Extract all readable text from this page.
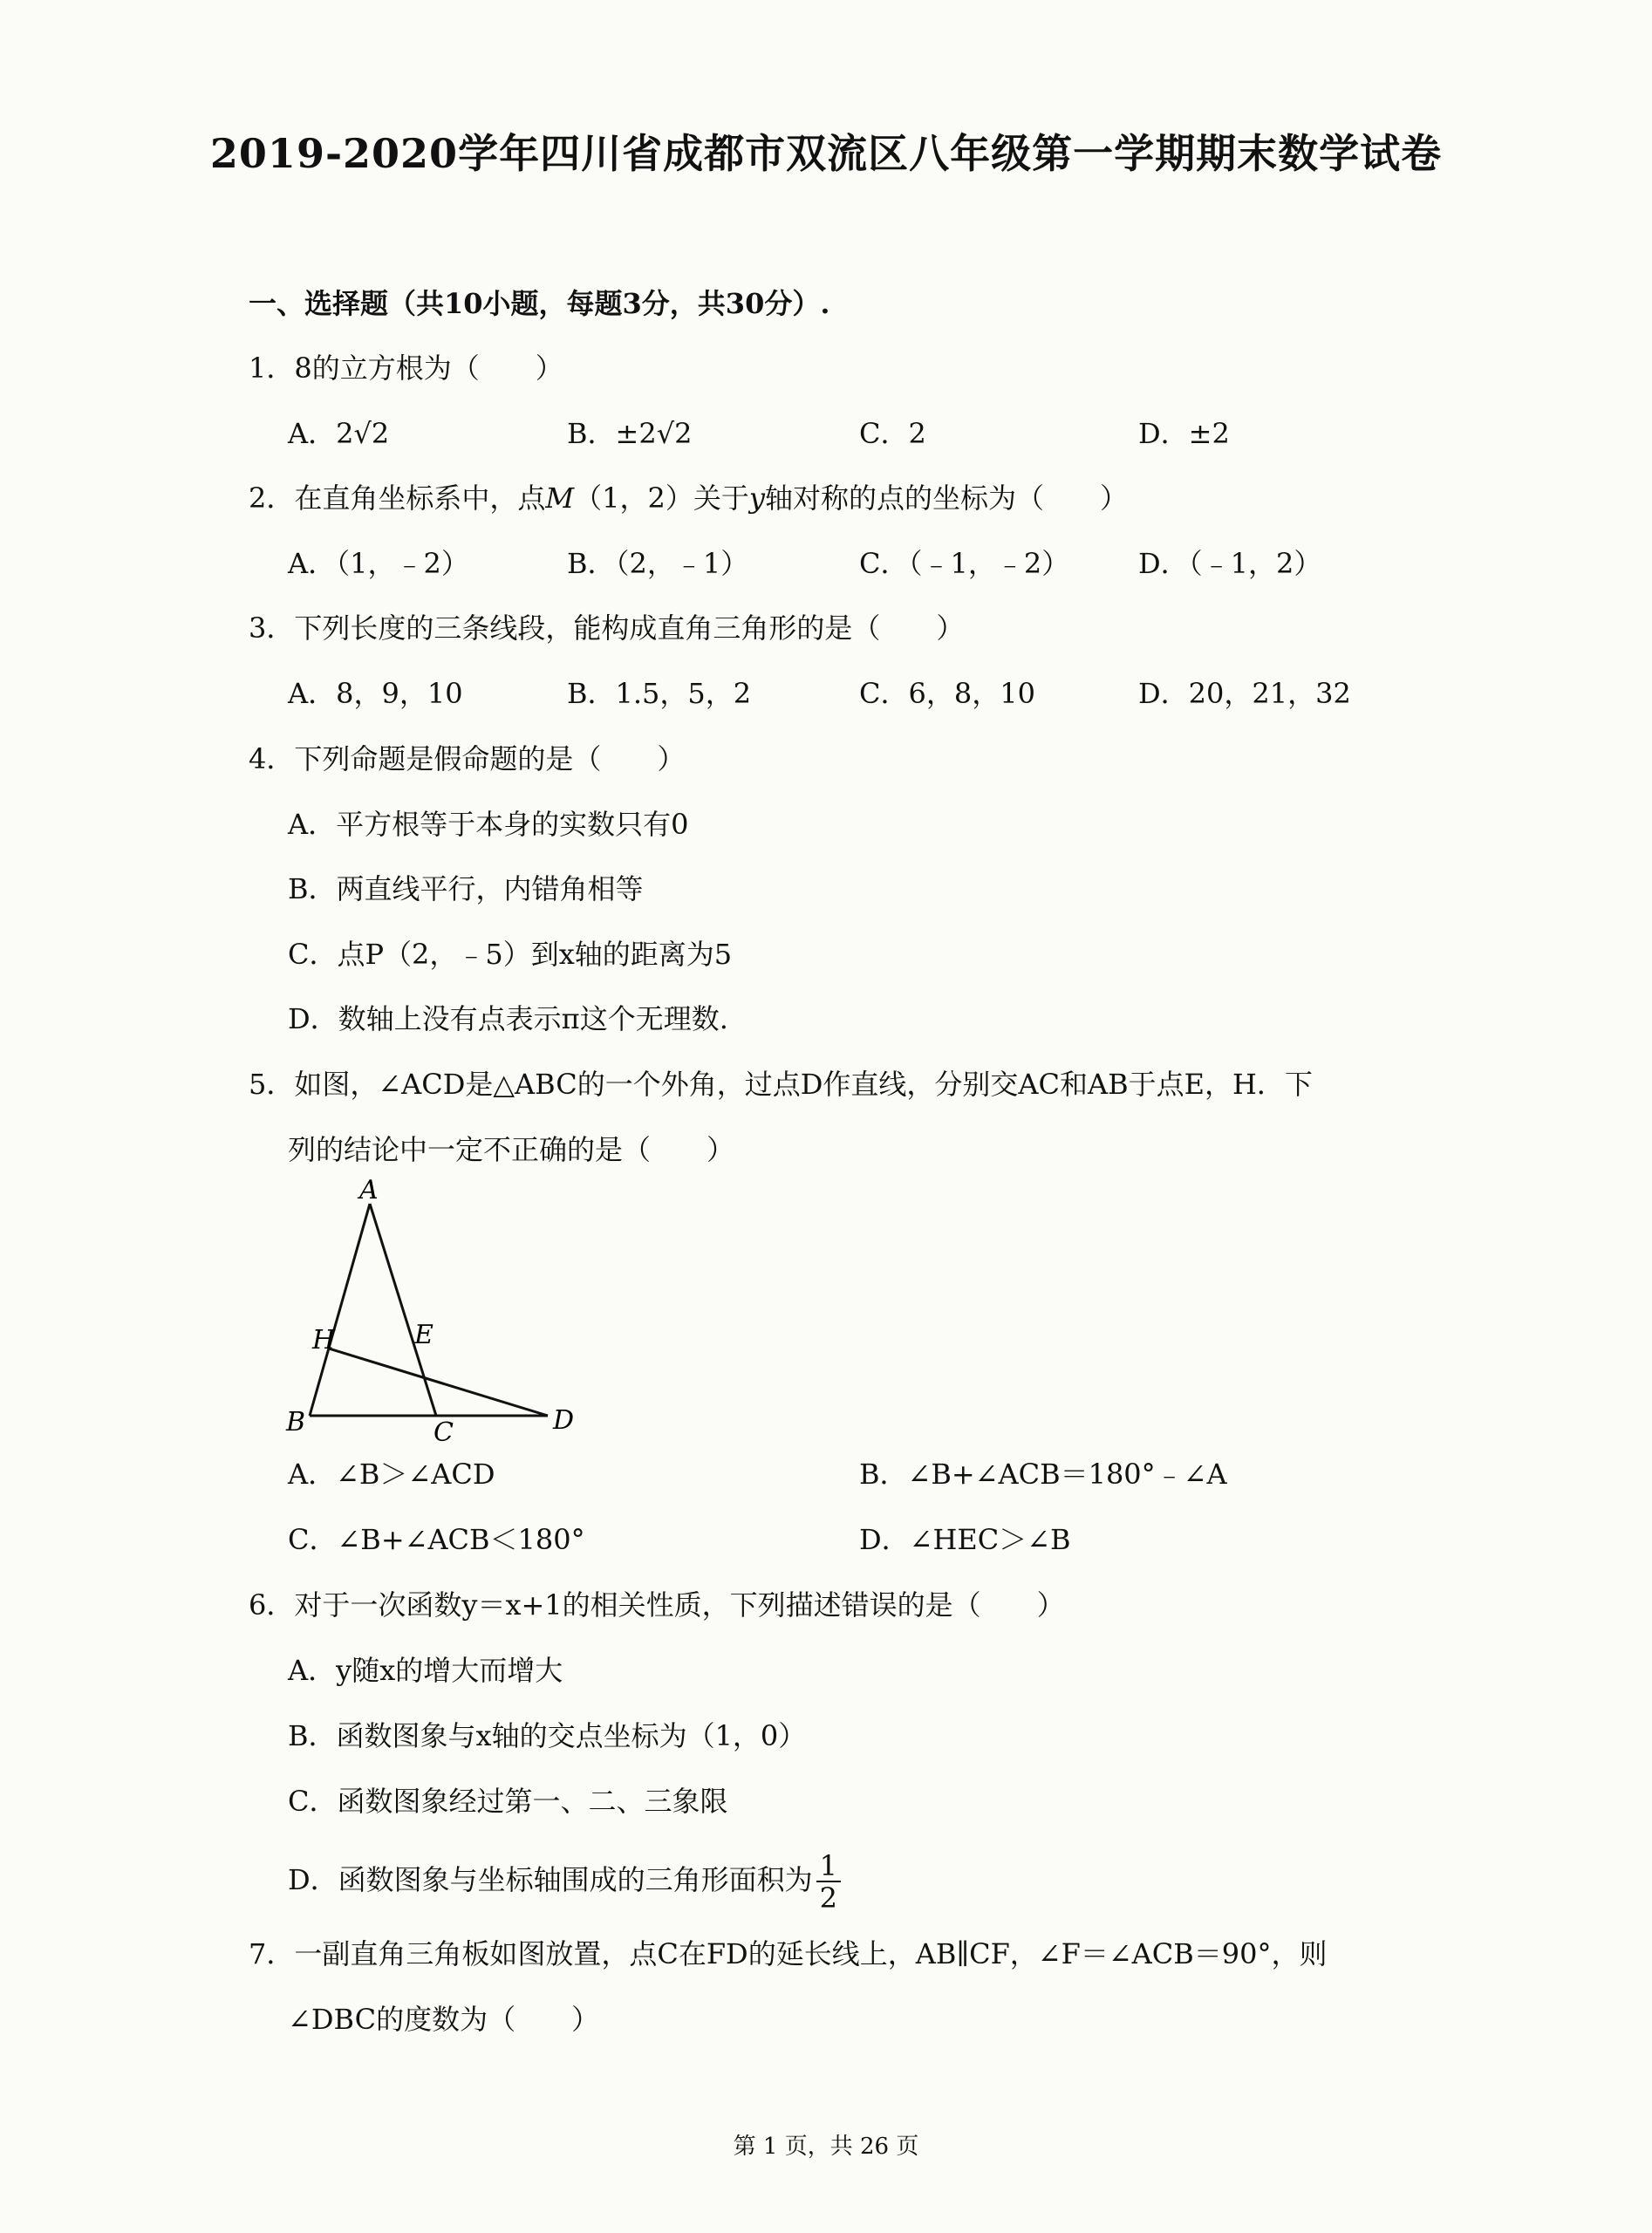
2019-2020学年四川省成都市双流区八年级第一学期期末数学试卷
一、选择题（共10小题，每题3分，共30分）.
1．8的立方根为（　　）
A．2√2	B．±2√2	C．2	D．±2
2．在直角坐标系中，点M（1，2）关于y轴对称的点的坐标为（　　）
A．（1，﹣2）	B．（2，﹣1）	C．（﹣1，﹣2） D．（﹣1，2）
3．下列长度的三条线段，能构成直角三角形的是（　　）
A．8，9，10	B．1.5，5，2	C．6，8，10	D．20，21，32
4．下列命题是假命题的是（　　）
A．平方根等于本身的实数只有0
B．两直线平行，内错角相等
C．点P（2，﹣5）到x轴的距离为5
D．数轴上没有点表示π这个无理数.
5．如图，∠ACD是△ABC的一个外角，过点D作直线，分别交AC和AB于点E，H．下
列的结论中一定不正确的是（　　）
A
H	E
B	C	D
A．∠B＞∠ACD	B．∠B+∠ACB＝180°﹣∠A
C．∠B+∠ACB＜180°	D．∠HEC＞∠B
6．对于一次函数y＝x+1的相关性质，下列描述错误的是（　　）
A．y随x的增大而增大
B．函数图象与x轴的交点坐标为（1，0）
C．函数图象经过第一、二、三象限
D．函数图象与坐标轴围成的三角形面积为 $\frac{1}{2}$
7．一副直角三角板如图放置，点C在FD的延长线上，AB∥CF，∠F＝∠ACB＝90°，则
∠DBC的度数为（　　）
第 1 页，共 26 页
